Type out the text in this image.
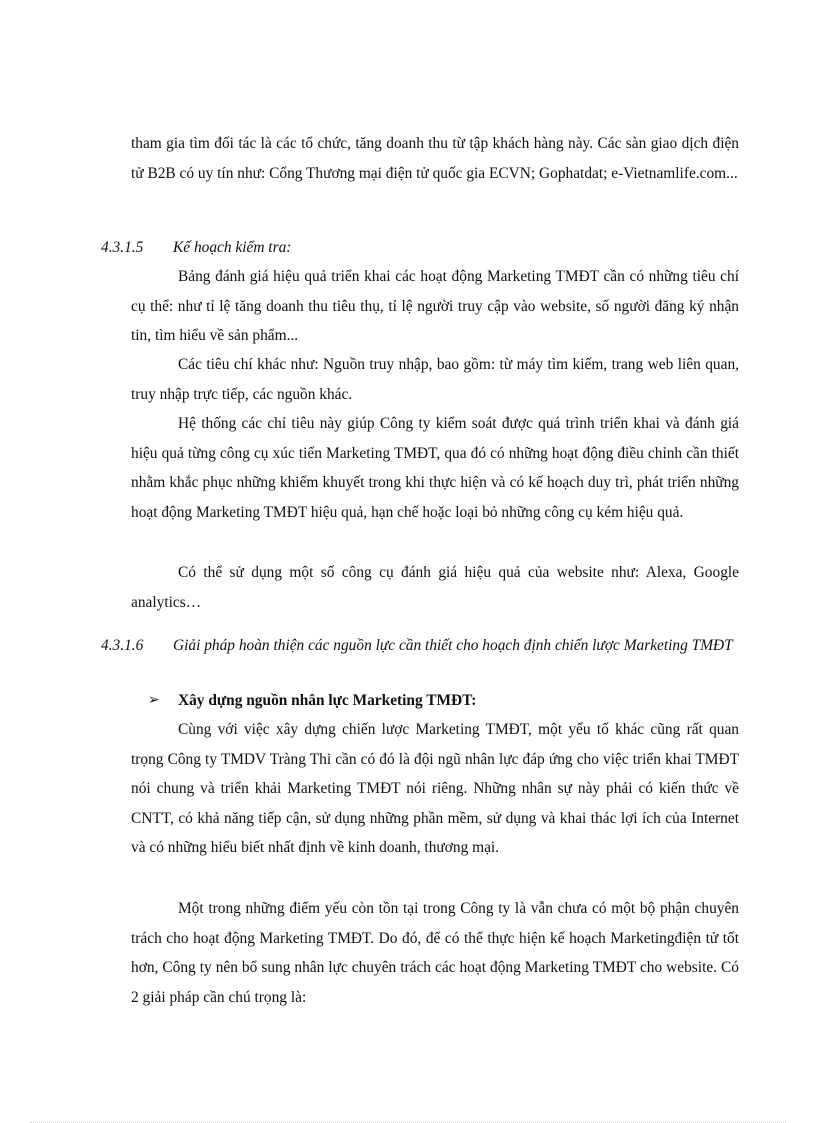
tham gia tìm đối tác là các tổ chức, tăng doanh thu từ tập khách hàng này. Các sàn giao dịch điện tử B2B có uy tín như: Cổng Thương mại điện tử quốc gia ECVN; Gophatdat; e-Vietnamlife.com...

4.3.1.5 Kế hoạch kiểm tra:

Bảng đánh giá hiệu quả triển khai các hoạt động Marketing TMĐT cần có những tiêu chí cụ thể: như tỉ lệ tăng doanh thu tiêu thụ, tỉ lệ người truy cập vào website, số người đăng ký nhận tin, tìm hiểu về sản phẩm...

Các tiêu chí khác như: Nguồn truy nhập, bao gồm: từ máy tìm kiếm, trang web liên quan, truy nhập trực tiếp, các nguồn khác.

Hệ thống các chỉ tiêu này giúp Công ty kiểm soát được quá trình triển khai và đánh giá hiệu quả từng công cụ xúc tiến Marketing TMĐT, qua đó có những hoạt động điều chỉnh cần thiết nhằm khắc phục những khiếm khuyết trong khi thực hiện và có kế hoạch duy trì, phát triển những hoạt động Marketing TMĐT hiệu quả, hạn chế hoặc loại bỏ những công cụ kém hiệu quả.

Có thể sử dụng một số công cụ đánh giá hiệu quả của website như: Alexa, Google analytics…

4.3.1.6 Giải pháp hoàn thiện các nguồn lực cần thiết cho hoạch định chiến lược Marketing TMĐT
➢	Xây dựng nguồn nhân lực Marketing TMĐT:

Cùng với việc xây dựng chiến lược Marketing TMĐT, một yếu tố khác cũng rất quan trọng Công ty TMDV Tràng Thi cần có đó là đội ngũ nhân lực đáp ứng cho việc triển khai TMĐT nói chung và triển khải Marketing TMĐT nói riêng. Những nhân sự này phải có kiến thức về CNTT, có khả năng tiếp cận, sử dụng những phần mềm, sử dụng và khai thác lợi ích của Internet và có những hiểu biết nhất định về kinh doanh, thương mại.

Một trong những điểm yếu còn tồn tại trong Công ty là vẫn chưa có một bộ phận chuyên trách cho hoạt động Marketing TMĐT. Do đó, để có thể thực hiện kế hoạch Marketingđiện tử tốt hơn, Công ty nên bổ sung nhân lực chuyên trách các hoạt động Marketing TMĐT cho website. Có 2 giải pháp cần chú trọng là:
